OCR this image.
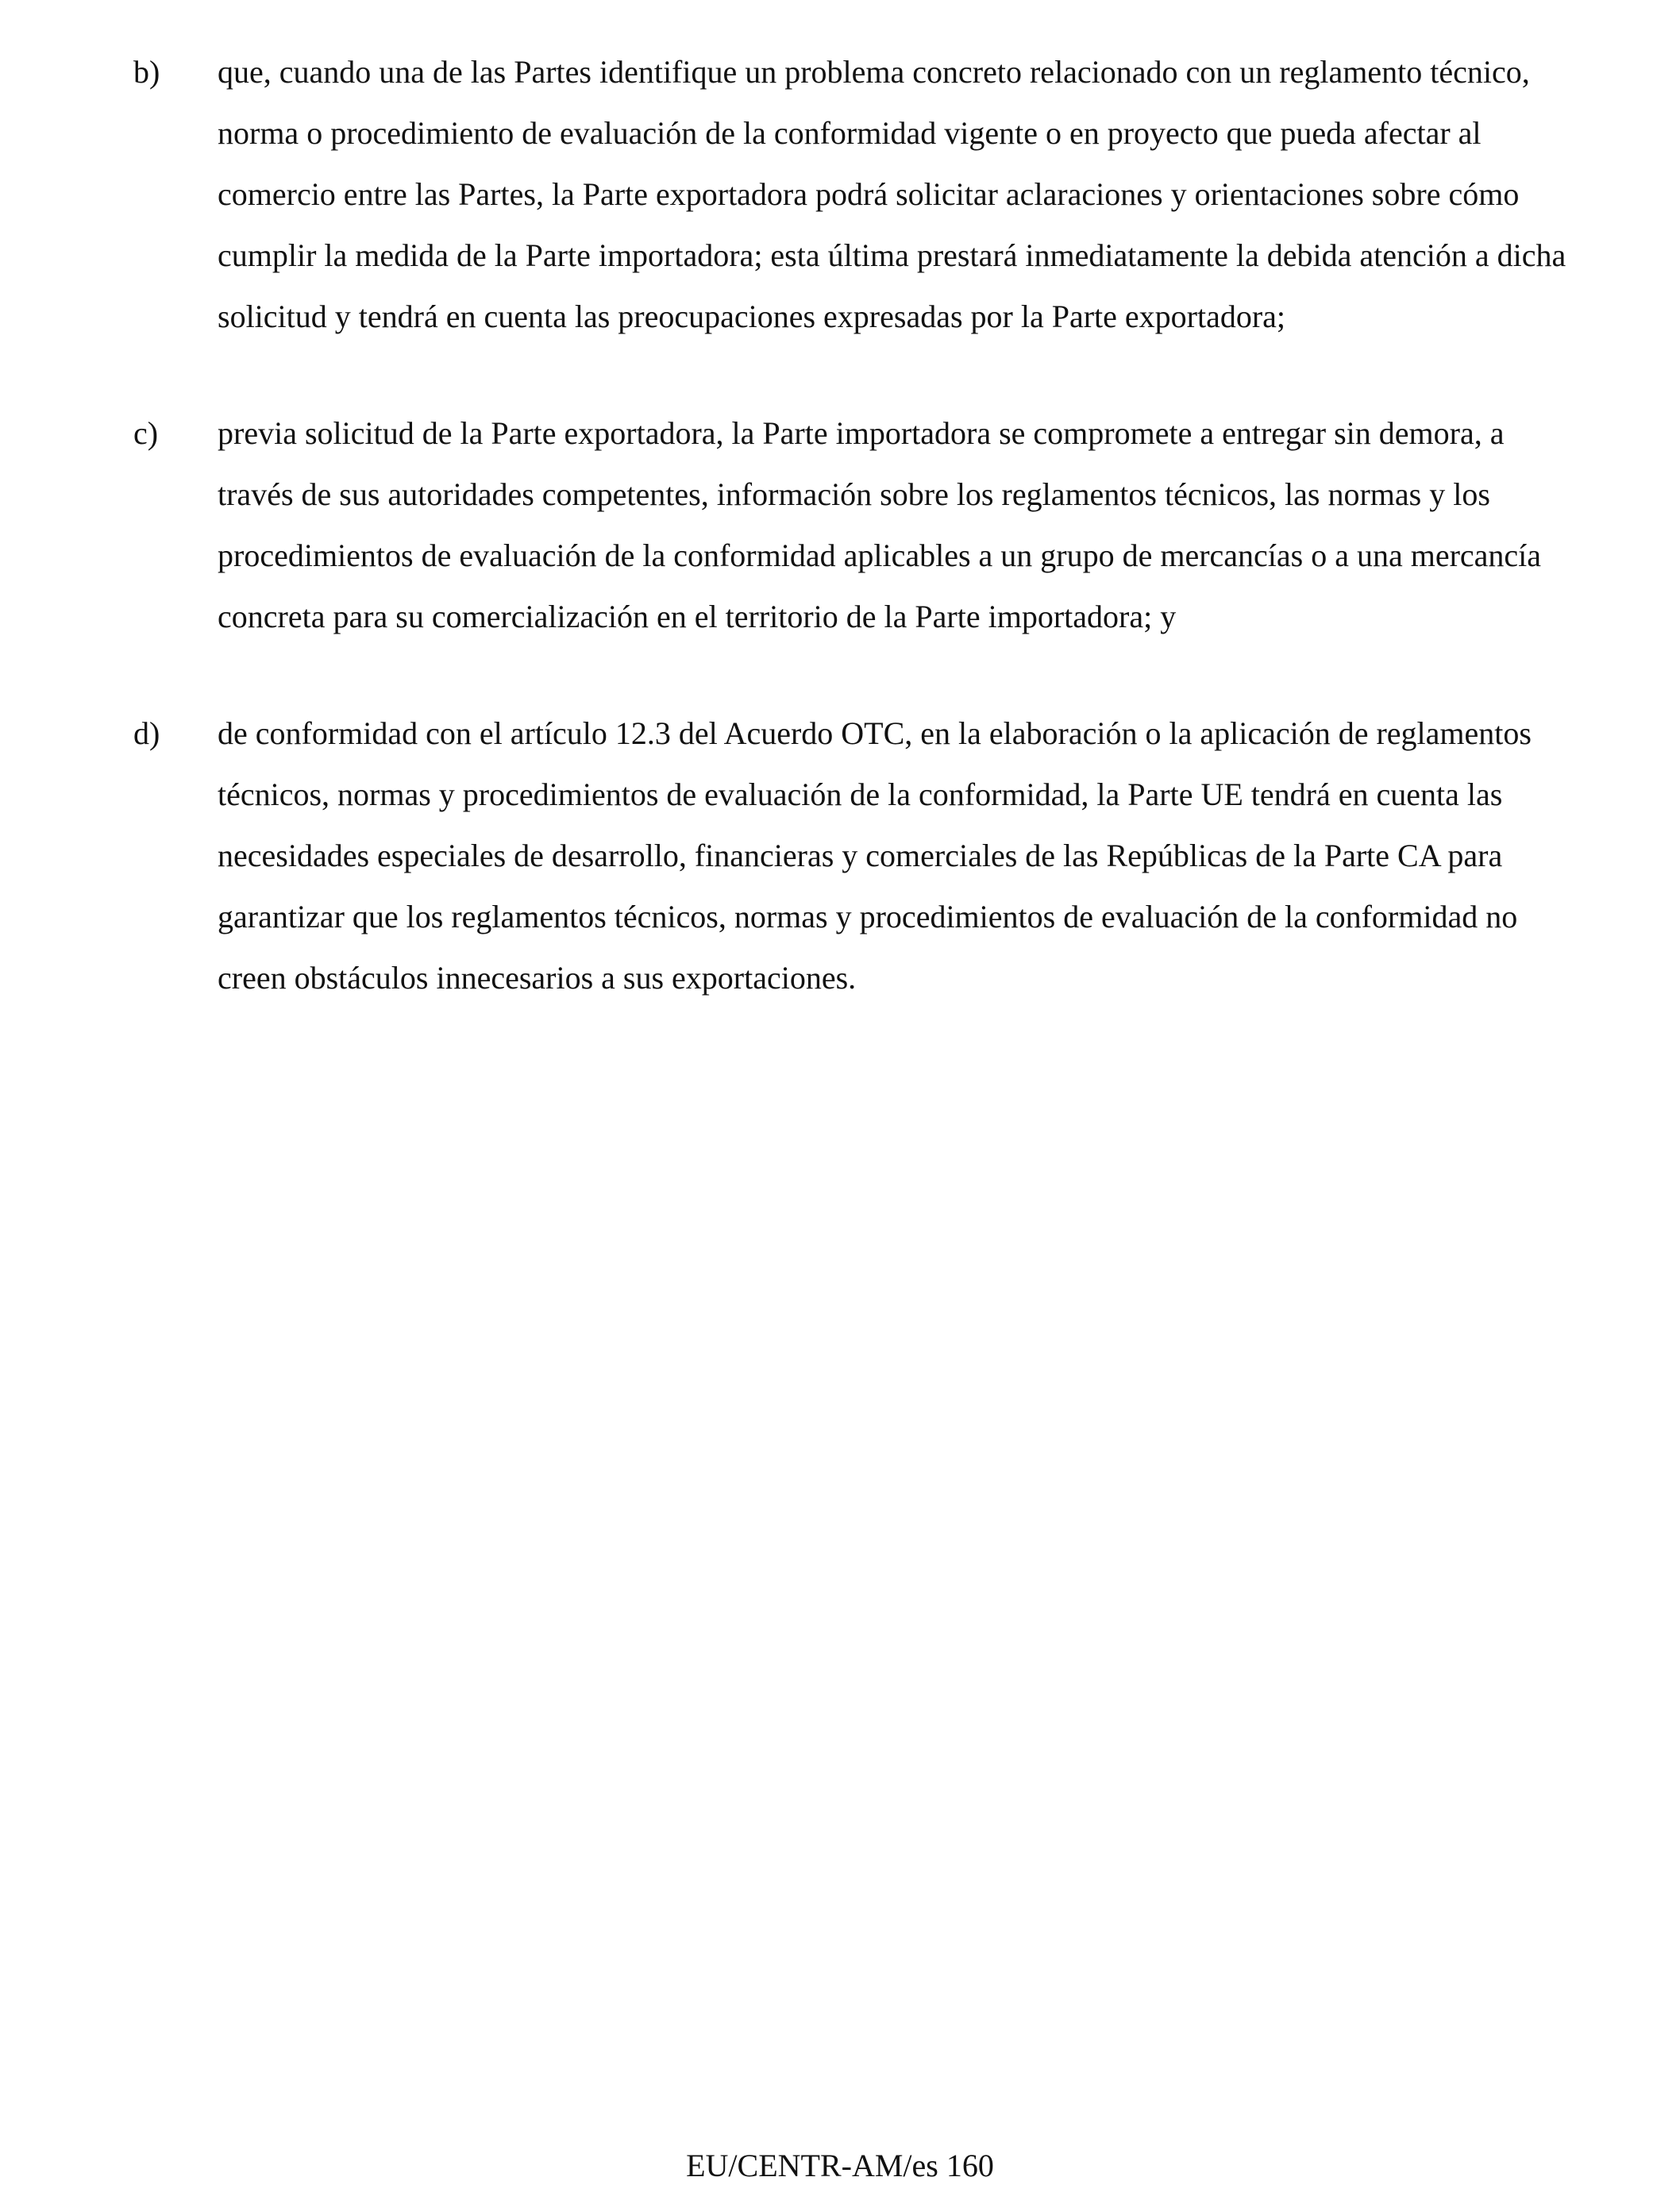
b)	que, cuando una de las Partes identifique un problema concreto relacionado con un reglamento técnico, norma o procedimiento de evaluación de la conformidad vigente o en proyecto que pueda afectar al comercio entre las Partes, la Parte exportadora podrá solicitar aclaraciones y orientaciones sobre cómo cumplir la medida de la Parte importadora; esta última prestará inmediatamente la debida atención a dicha solicitud y tendrá en cuenta las preocupaciones expresadas por la Parte exportadora;

c)	previa solicitud de la Parte exportadora, la Parte importadora se compromete a entregar sin demora, a través de sus autoridades competentes, información sobre los reglamentos técnicos, las normas y los procedimientos de evaluación de la conformidad aplicables a un grupo de mercancías o a una mercancía concreta para su comercialización en el territorio de la Parte importadora; y

d)	de conformidad con el artículo 12.3 del Acuerdo OTC, en la elaboración o la aplicación de reglamentos técnicos, normas y procedimientos de evaluación de la conformidad, la Parte UE tendrá en cuenta las necesidades especiales de desarrollo, financieras y comerciales de las Repúblicas de la Parte CA para garantizar que los reglamentos técnicos, normas y procedimientos de evaluación de la conformidad no creen obstáculos innecesarios a sus exportaciones.

EU/CENTR-AM/es 160
